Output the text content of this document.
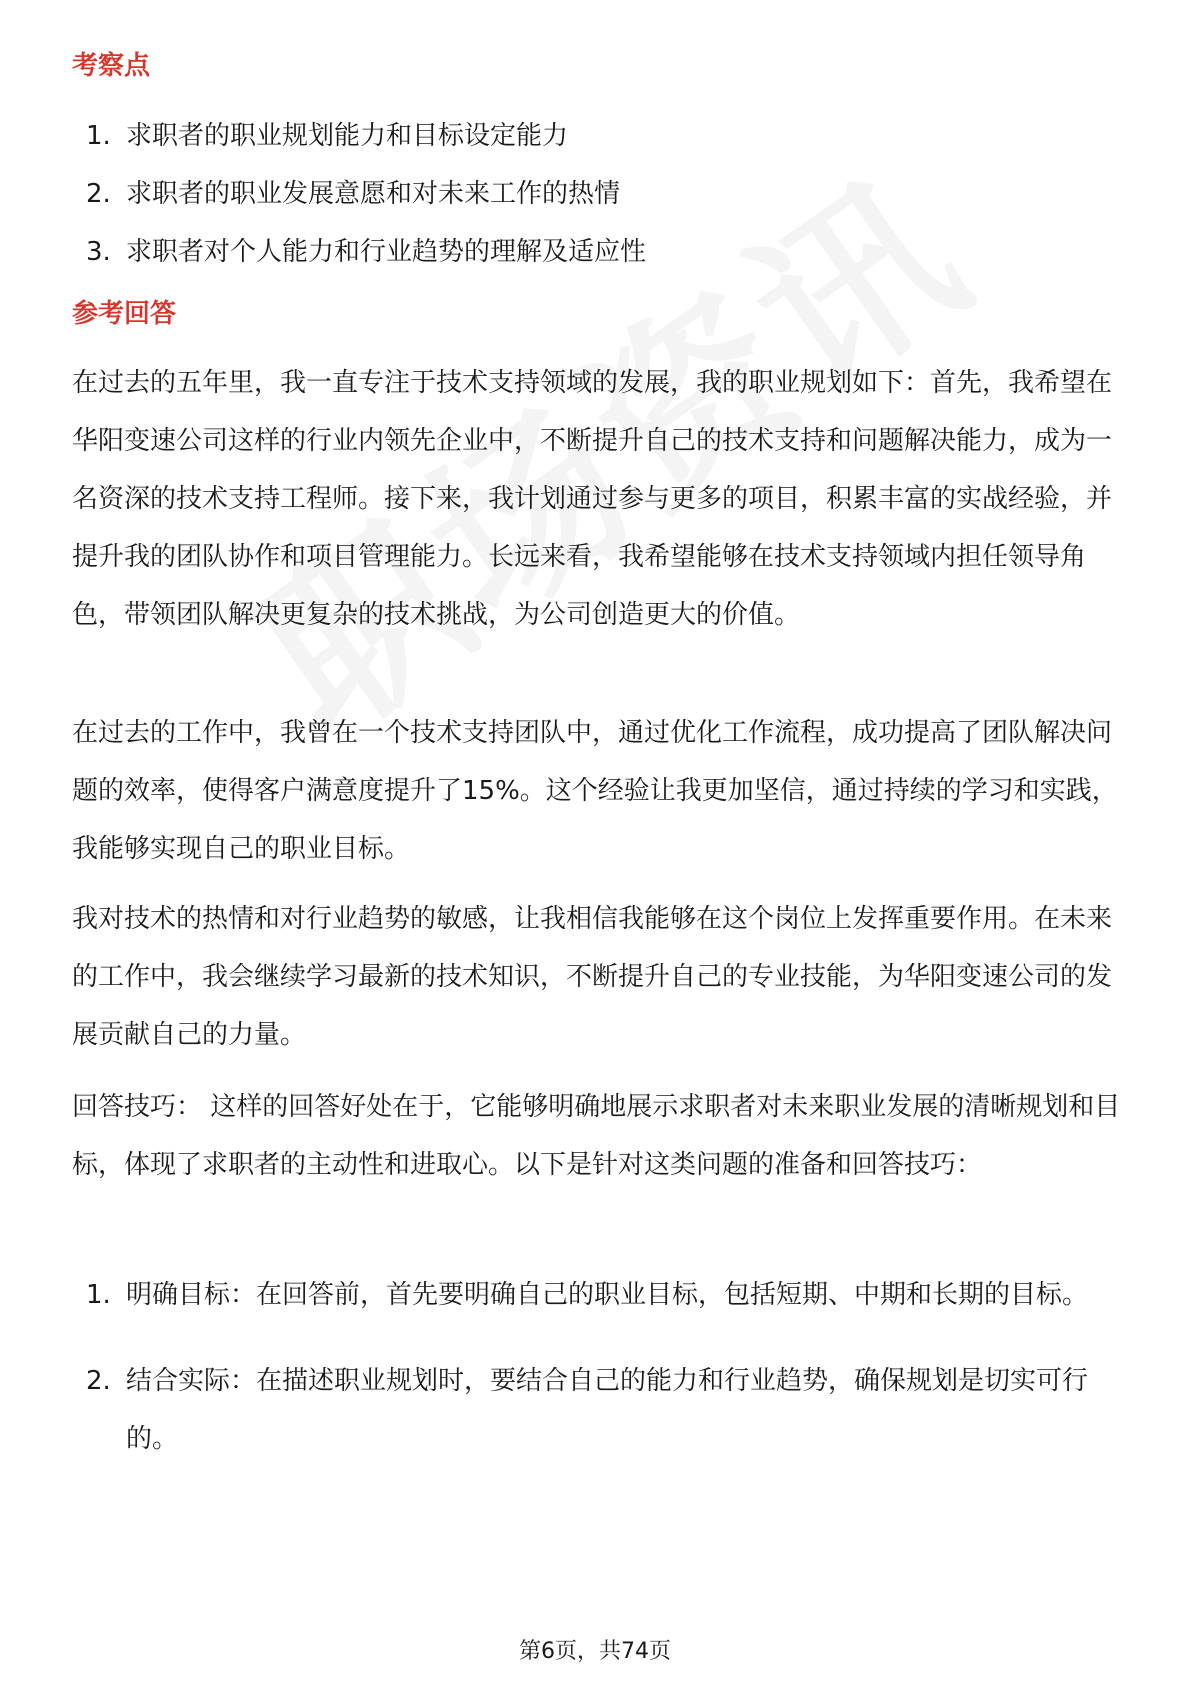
考察点
1. 求职者的职业规划能力和目标设定能力
2. 求职者的职业发展意愿和对未来工作的热情
3. 求职者对个人能力和行业趋势的理解及适应性
参考回答

在过去的五年里，我一直专注于技术支持领域的发展，我的职业规划如下：首先，我希望在华阳变速公司这样的行业内领先企业中，不断提升自己的技术支持和问题解决能力，成为一名资深的技术支持工程师。接下来，我计划通过参与更多的项目，积累丰富的实战经验，并提升我的团队协作和项目管理能力。长远来看，我希望能够在技术支持领域内担任领导角色，带领团队解决更复杂的技术挑战，为公司创造更大的价值。

在过去的工作中，我曾在一个技术支持团队中，通过优化工作流程，成功提高了团队解决问题的效率，使得客户满意度提升了15%。这个经验让我更加坚信，通过持续的学习和实践，我能够实现自己的职业目标。

我对技术的热情和对行业趋势的敏感，让我相信我能够在这个岗位上发挥重要作用。在未来的工作中，我会继续学习最新的技术知识，不断提升自己的专业技能，为华阳变速公司的发展贡献自己的力量。

回答技巧： 这样的回答好处在于，它能够明确地展示求职者对未来职业发展的清晰规划和目标，体现了求职者的主动性和进取心。以下是针对这类问题的准备和回答技巧：

1. 明确目标：在回答前，首先要明确自己的职业目标，包括短期、中期和长期的目标。
2. 结合实际：在描述职业规划时，要结合自己的能力和行业趋势，确保规划是切实可行的。
第6页，共74页
